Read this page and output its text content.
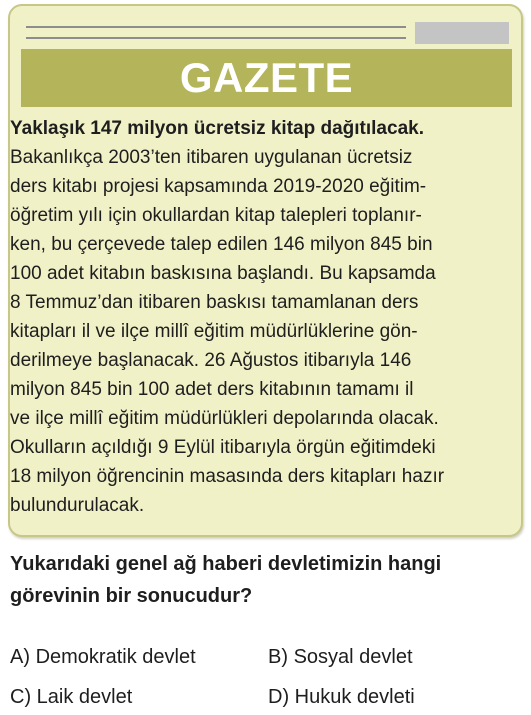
GAZETE
Yaklaşık 147 milyon ücretsiz kitap dağıtılacak.
Bakanlıkça 2003’ten itibaren uygulanan ücretsiz
ders kitabı projesi kapsamında 2019-2020 eğitim-
öğretim yılı için okullardan kitap talepleri toplanır-
ken, bu çerçevede talep edilen 146 milyon 845 bin
100 adet kitabın baskısına başlandı. Bu kapsamda
8 Temmuz’dan itibaren baskısı tamamlanan ders
kitapları il ve ilçe millî eğitim müdürlüklerine gön-
derilmeye başlanacak. 26 Ağustos itibarıyla 146
milyon 845 bin 100 adet ders kitabının tamamı il
ve ilçe millî eğitim müdürlükleri depolarında olacak.
Okulların açıldığı 9 Eylül itibarıyla örgün eğitimdeki
18 milyon öğrencinin masasında ders kitapları hazır
bulundurulacak.
Yukarıdaki genel ağ haberi devletimizin hangi
görevinin bir sonucudur?
A) Demokratik devlet	B) Sosyal devlet
C) Laik devlet	D) Hukuk devleti
